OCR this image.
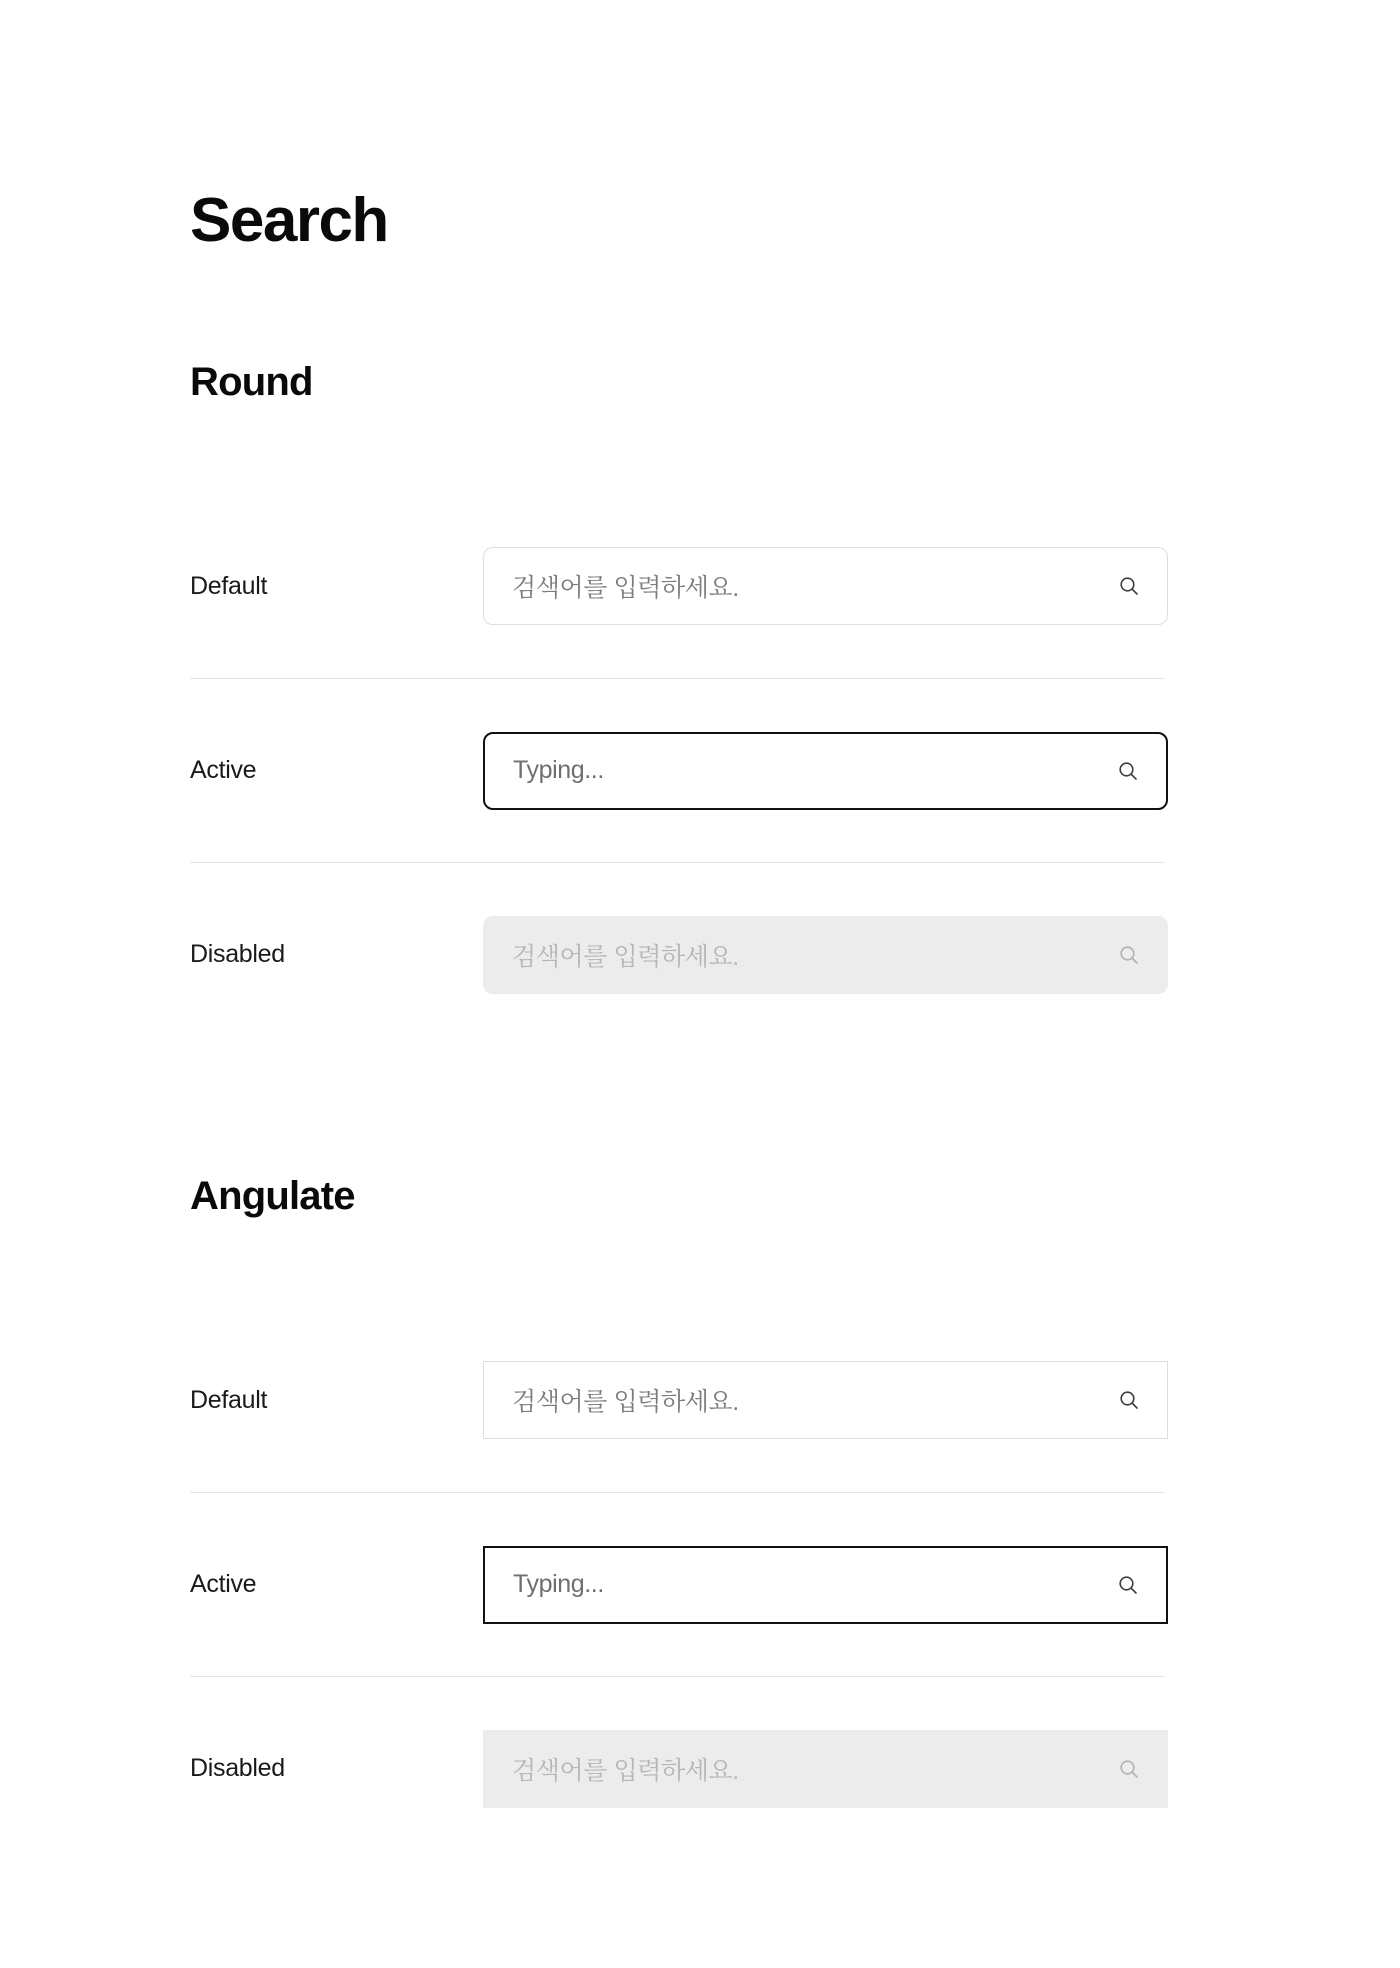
Search
Round
Default	검색어를 입력하세요.
Active	Typing...
Disabled	검색어를 입력하세요.
Angulate
Default	검색어를 입력하세요.
Active	Typing...
Disabled	검색어를 입력하세요.
